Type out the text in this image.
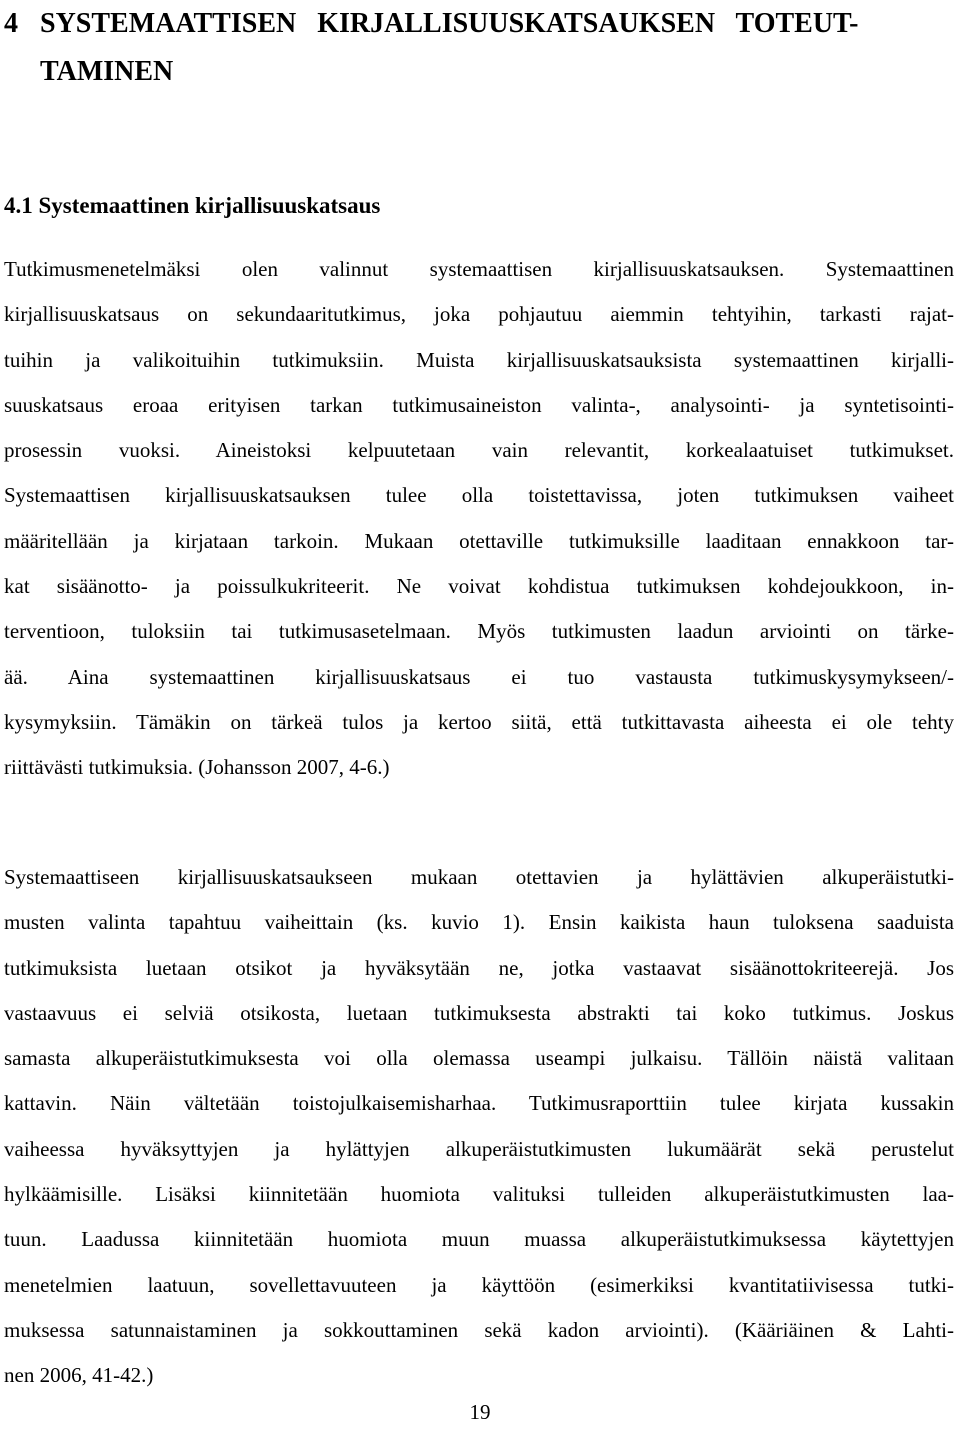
4 SYSTEMAATTISEN   KIRJALLISUUSKATSAUKSEN   TOTEUT-
TAMINEN
4.1 Systemaattinen kirjallisuuskatsaus

Tutkimusmenetelmäksi olen valinnut systemaattisen kirjallisuuskatsauksen. Systemaattinen
kirjallisuuskatsaus on sekundaaritutkimus, joka pohjautuu aiemmin tehtyihin, tarkasti rajat-
tuihin ja valikoituihin tutkimuksiin. Muista kirjallisuuskatsauksista systemaattinen kirjalli-
suuskatsaus eroaa erityisen tarkan tutkimusaineiston valinta-, analysointi- ja syntetisointi-
prosessin vuoksi. Aineistoksi kelpuutetaan vain relevantit, korkealaatuiset tutkimukset.
Systemaattisen kirjallisuuskatsauksen tulee olla toistettavissa, joten tutkimuksen vaiheet
määritellään ja kirjataan tarkoin. Mukaan otettaville tutkimuksille laaditaan ennakkoon tar-
kat sisäänotto- ja poissulkukriteerit. Ne voivat kohdistua tutkimuksen kohdejoukkoon, in-
terventioon, tuloksiin tai tutkimusasetelmaan. Myös tutkimusten laadun arviointi on tärke-
ää. Aina systemaattinen kirjallisuuskatsaus ei tuo vastausta tutkimuskysymykseen/-
kysymyksiin. Tämäkin on tärkeä tulos ja kertoo siitä, että tutkittavasta aiheesta ei ole tehty
riittävästi tutkimuksia. (Johansson 2007, 4-6.)

Systemaattiseen kirjallisuuskatsaukseen mukaan otettavien ja hylättävien alkuperäistutki-
musten valinta tapahtuu vaiheittain (ks. kuvio 1). Ensin kaikista haun tuloksena saaduista
tutkimuksista luetaan otsikot ja hyväksytään ne, jotka vastaavat sisäänottokriteerejä. Jos
vastaavuus ei selviä otsikosta, luetaan tutkimuksesta abstrakti tai koko tutkimus. Joskus
samasta alkuperäistutkimuksesta voi olla olemassa useampi julkaisu. Tällöin näistä valitaan
kattavin. Näin vältetään toistojulkaisemisharhaa. Tutkimusraporttiin tulee kirjata kussakin
vaiheessa hyväksyttyjen ja hylättyjen alkuperäistutkimusten lukumäärät sekä perustelut
hylkäämisille. Lisäksi kiinnitetään huomiota valituksi tulleiden alkuperäistutkimusten laa-
tuun. Laadussa kiinnitetään huomiota muun muassa alkuperäistutkimuksessa käytettyjen
menetelmien laatuun, sovellettavuuteen ja käyttöön (esimerkiksi kvantitatiivisessa tutki-
muksessa satunnaistaminen ja sokkouttaminen sekä kadon arviointi). (Kääriäinen & Lahti-
nen 2006, 41-42.)

19
